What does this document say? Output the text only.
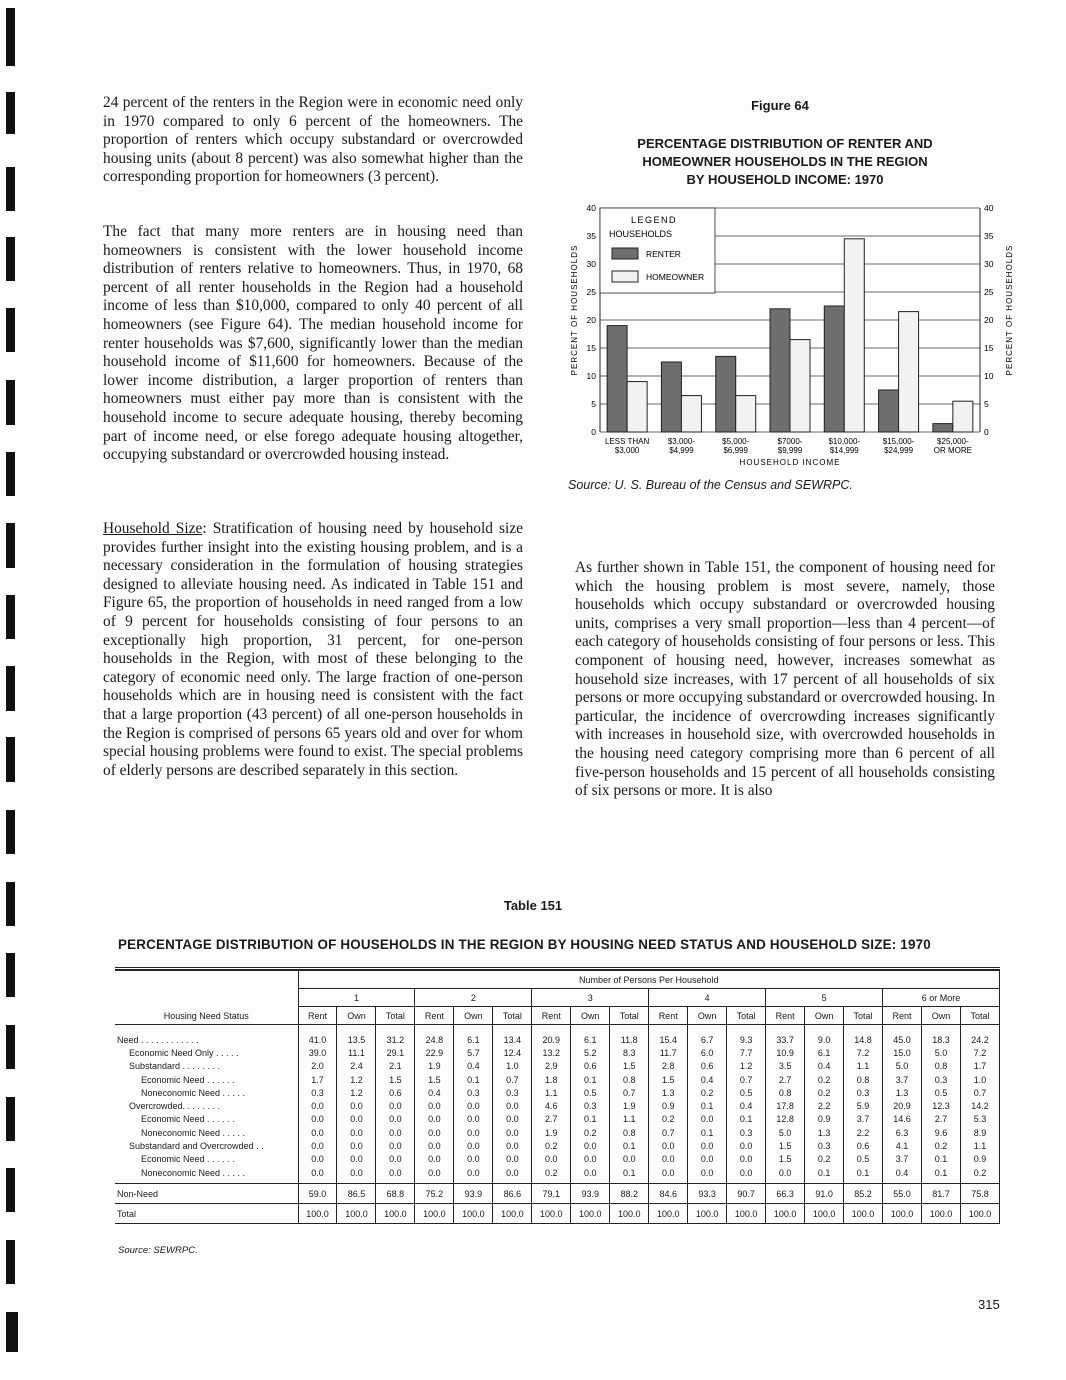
24 percent of the renters in the Region were in economic need only in 1970 compared to only 6 percent of the homeowners. The proportion of renters which occupy substandard or overcrowded housing units (about 8 percent) was also somewhat higher than the corresponding proportion for homeowners (3 percent).

The fact that many more renters are in housing need than homeowners is consistent with the lower household income distribution of renters relative to homeowners. Thus, in 1970, 68 percent of all renter households in the Region had a household income of less than $10,000, compared to only 40 percent of all homeowners (see Figure 64). The median household income for renter households was $7,600, significantly lower than the median household income of $11,600 for homeowners. Because of the lower income distribution, a larger proportion of renters than homeowners must either pay more than is consistent with the household income to secure adequate housing, thereby becoming part of income need, or else forego adequate housing altogether, occupying substandard or overcrowded housing instead.

Household Size: Stratification of housing need by household size provides further insight into the existing housing problem, and is a necessary consideration in the formulation of housing strategies designed to alleviate housing need. As indicated in Table 151 and Figure 65, the proportion of households in need ranged from a low of 9 percent for households consisting of four persons to an exceptionally high proportion, 31 percent, for one-person households in the Region, with most of these belonging to the category of economic need only. The large fraction of one-person households which are in housing need is consistent with the fact that a large proportion (43 percent) of all one-person households in the Region is comprised of persons 65 years old and over for whom special housing problems were found to exist. The special problems of elderly persons are described separately in this section.

Figure 64
PERCENTAGE DISTRIBUTION OF RENTER AND
HOMEOWNER HOUSEHOLDS IN THE REGION
BY HOUSEHOLD INCOME: 1970
0	0
5	5
10	10
15	15
20	20
25	25
30	30
35	35
40	40
PERCENT OF HOUSEHOLDS	PERCENT OF HOUSEHOLDS
LESS THAN
$3,000
$3,000-
$4,999
$5,000-
$6,999
$7000-
$9,999
$10,000-
$14,999
$15,000-
$24,999
$25,000-
OR MORE
HOUSEHOLD INCOME
LEGEND
HOUSEHOLDS
RENTER
HOMEOWNER
Source: U. S. Bureau of the Census and SEWRPC.

As further shown in Table 151, the component of housing need for which the housing problem is most severe, namely, those households which occupy substandard or overcrowded housing units, comprises a very small proportion—less than 4 percent—of each category of households consisting of four persons or less. This component of housing need, however, increases somewhat as household size increases, with 17 percent of all households of six persons or more occupying substandard or overcrowded housing. In particular, the incidence of overcrowding increases significantly with increases in household size, with overcrowded households in the housing need category comprising more than 6 percent of all five-person households and 15 percent of all households consisting of six persons or more. It is also

Table 151
PERCENTAGE DISTRIBUTION OF HOUSEHOLDS IN THE REGION BY HOUSING NEED STATUS AND HOUSEHOLD SIZE: 1970
Housing Need Status	Number of Persons Per Household																	
	1			2			3			4			5			6 or More		
	Rent	Own	Total	Rent	Own	Total	Rent	Own	Total	Rent	Own	Total	Rent	Own	Total	Rent	Own	Total

Need . . . . . . . . . . . .	41.0	13.5	31.2	24.8	6.1	13.4	20.9	6.1	11.8	15.4	6.7	9.3	33.7	9.0	14.8	45.0	18.3	24.2
Economic Need Only . . . . .	39.0	11.1	29.1	22.9	5.7	12.4	13.2	5.2	8.3	11.7	6.0	7.7	10.9	6.1	7.2	15.0	5.0	7.2
Substandard . . . . . . . .	2.0	2.4	2.1	1.9	0.4	1.0	2.9	0.6	1.5	2.8	0.6	1.2	3.5	0.4	1.1	5.0	0.8	1.7
Economic Need . . . . . .	1.7	1.2	1.5	1.5	0.1	0.7	1.8	0.1	0.8	1.5	0.4	0.7	2.7	0.2	0.8	3.7	0.3	1.0
Noneconomic Need . . . . .	0.3	1.2	0.6	0.4	0.3	0.3	1.1	0.5	0.7	1.3	0.2	0.5	0.8	0.2	0.3	1.3	0.5	0.7
Overcrowded. . . . . . . .	0.0	0.0	0.0	0.0	0.0	0.0	4.6	0.3	1.9	0.9	0.1	0.4	17.8	2.2	5.9	20.9	12.3	14.2
Economic Need . . . . . .	0.0	0.0	0.0	0.0	0.0	0.0	2.7	0.1	1.1	0.2	0.0	0.1	12.8	0.9	3.7	14.6	2.7	5.3
Noneconomic Need . . . . .	0.0	0.0	0.0	0.0	0.0	0.0	1.9	0.2	0.8	0.7	0.1	0.3	5.0	1.3	2.2	6.3	9.6	8.9
Substandard and Overcrowded . .	0.0	0.0	0.0	0.0	0.0	0.0	0.2	0.0	0.1	0.0	0.0	0.0	1.5	0.3	0.6	4.1	0.2	1.1
Economic Need . . . . . .	0.0	0.0	0.0	0.0	0.0	0.0	0.0	0.0	0.0	0.0	0.0	0.0	1.5	0.2	0.5	3.7	0.1	0.9
Noneconomic Need . . . . .	0.0	0.0	0.0	0.0	0.0	0.0	0.2	0.0	0.1	0.0	0.0	0.0	0.0	0.1	0.1	0.4	0.1	0.2
Non-Need	59.0	86.5	68.8	75.2	93.9	86.6	79.1	93.9	88.2	84.6	93.3	90.7	66.3	91.0	85.2	55.0	81.7	75.8
Total	100.0	100.0	100.0	100.0	100.0	100.0	100.0	100.0	100.0	100.0	100.0	100.0	100.0	100.0	100.0	100.0	100.0	100.0
Source: SEWRPC.
315
